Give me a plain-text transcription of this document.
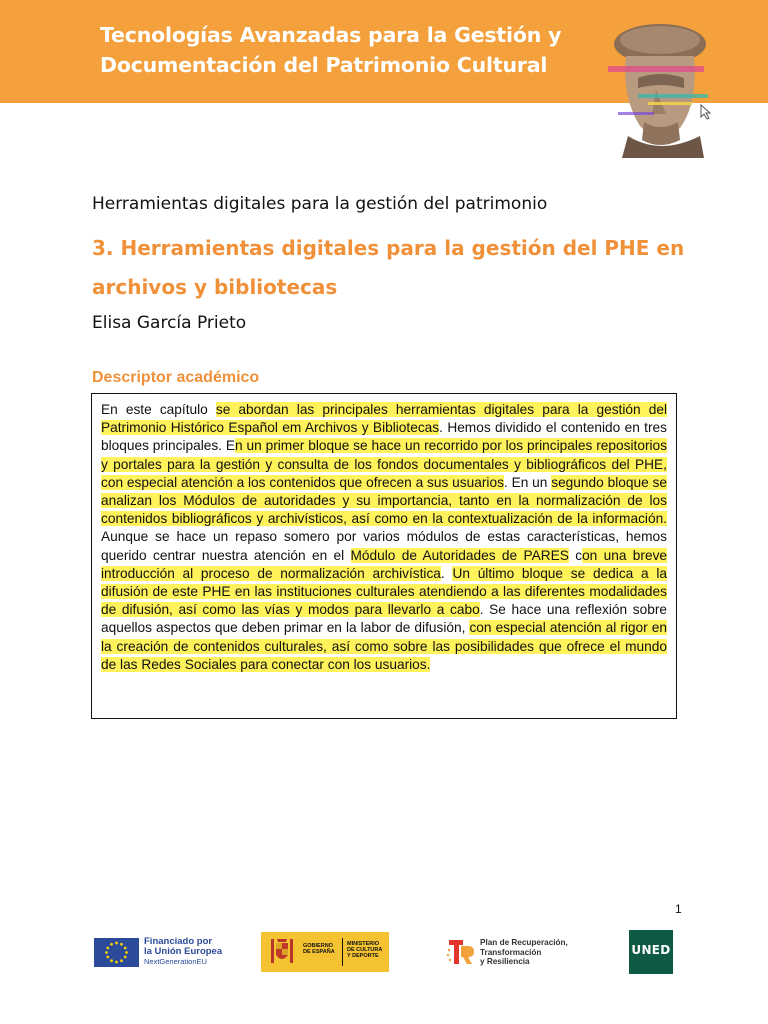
Tecnologías Avanzadas para la Gestión y Documentación del Patrimonio Cultural
Herramientas digitales para la gestión del patrimonio
3. Herramientas digitales para la gestión del PHE en archivos y bibliotecas

Elisa García Prieto

Descriptor académico

En este capítulo se abordan las principales herramientas digitales para la gestión del Patrimonio Histórico Español em Archivos y Bibliotecas. Hemos dividido el contenido en tres bloques principales. En un primer bloque se hace un recorrido por los principales repositorios y portales para la gestión y consulta de los fondos documentales y bibliográficos del PHE, con especial atención a los contenidos que ofrecen a sus usuarios. En un segundo bloque se analizan los Módulos de autoridades y su importancia, tanto en la normalización de los contenidos bibliográficos y archivísticos, así como en la contextualización de la información. Aunque se hace un repaso somero por varios módulos de estas características, hemos querido centrar nuestra atención en el Módulo de Autoridades de PARES con una breve introducción al proceso de normalización archivística. Un último bloque se dedica a la difusión de este PHE en las instituciones culturales atendiendo a las diferentes modalidades de difusión, así como las vías y modos para llevarlo a cabo. Se hace una reflexión sobre aquellos aspectos que deben primar en la labor de difusión, con especial atención al rigor en la creación de contenidos culturales, así como sobre las posibilidades que ofrece el mundo de las Redes Sociales para conectar con los usuarios.

1
Financiado por
la Unión Europea
NextGenerationEU
GOBIERNO DE ESPAÑA
MINISTERIO DE CULTURA Y DEPORTE
Plan de Recuperación,
Transformación
y Resiliencia
UNED
